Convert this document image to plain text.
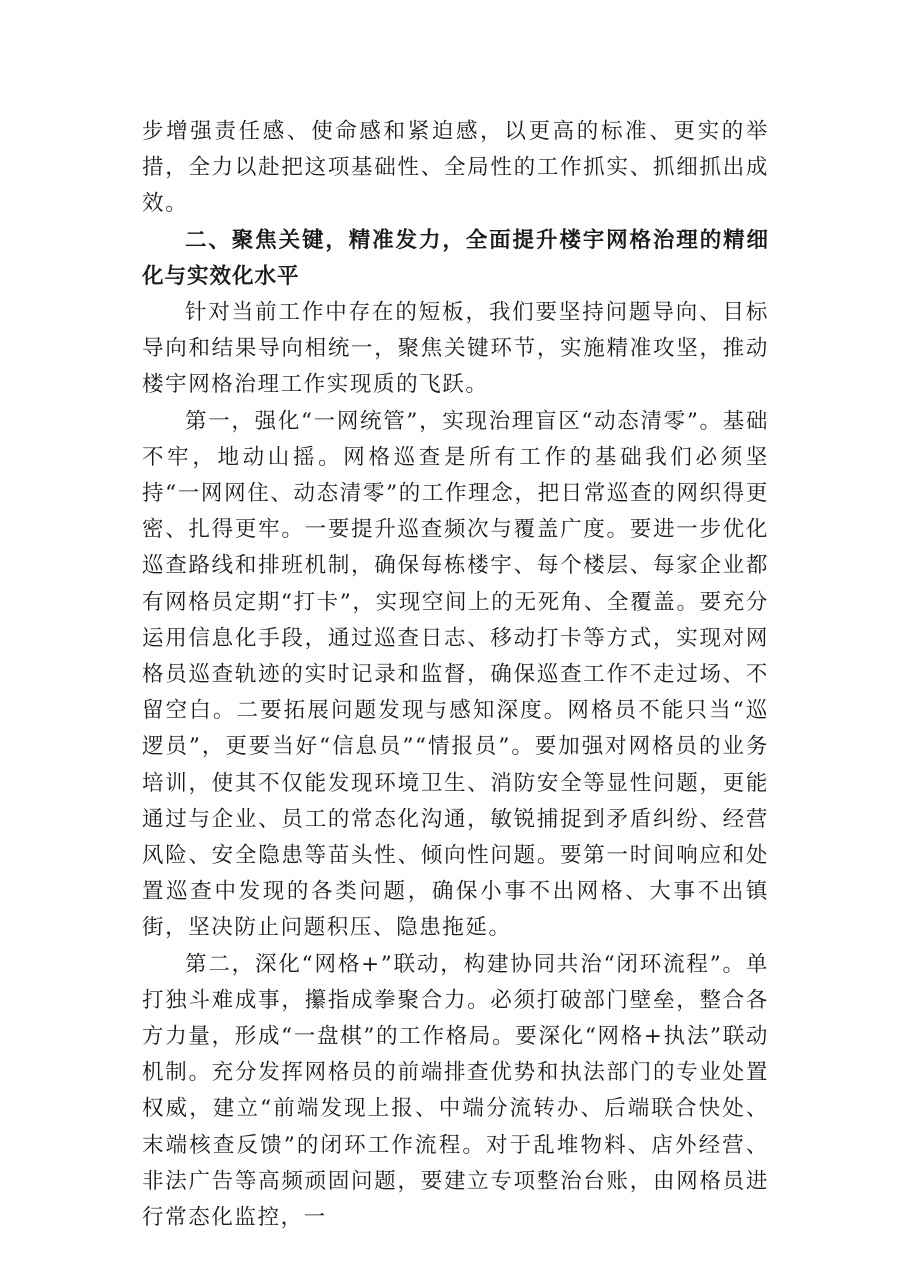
步增强责任感、使命感和紧迫感，以更高的标准、更实的举措，全力以赴把这项基础性、全局性的工作抓实、抓细抓出成效。

二、聚焦关键，精准发力，全面提升楼宇网格治理的精细化与实效化水平

针对当前工作中存在的短板，我们要坚持问题导向、目标导向和结果导向相统一，聚焦关键环节，实施精准攻坚，推动楼宇网格治理工作实现质的飞跃。

第一，强化“一网统管”，实现治理盲区“动态清零”。基础不牢，地动山摇。网格巡查是所有工作的基础我们必须坚持“一网网住、动态清零”的工作理念，把日常巡查的网织得更密、扎得更牢。一要提升巡查频次与覆盖广度。要进一步优化巡查路线和排班机制，确保每栋楼宇、每个楼层、每家企业都有网格员定期“打卡”，实现空间上的无死角、全覆盖。要充分运用信息化手段，通过巡查日志、移动打卡等方式，实现对网格员巡查轨迹的实时记录和监督，确保巡查工作不走过场、不留空白。二要拓展问题发现与感知深度。网格员不能只当“巡逻员”，更要当好“信息员”“情报员”。要加强对网格员的业务培训，使其不仅能发现环境卫生、消防安全等显性问题，更能通过与企业、员工的常态化沟通，敏锐捕捉到矛盾纠纷、经营风险、安全隐患等苗头性、倾向性问题。要第一时间响应和处置巡查中发现的各类问题，确保小事不出网格、大事不出镇街，坚决防止问题积压、隐患拖延。

第二，深化“网格+”联动，构建协同共治“闭环流程”。单打独斗难成事，攥指成拳聚合力。必须打破部门壁垒，整合各方力量，形成“一盘棋”的工作格局。要深化“网格+执法”联动机制。充分发挥网格员的前端排查优势和执法部门的专业处置权威，建立“前端发现上报、中端分流转办、后端联合快处、末端核查反馈”的闭环工作流程。对于乱堆物料、店外经营、非法广告等高频顽固问题，要建立专项整治台账，由网格员进行常态化监控，一
